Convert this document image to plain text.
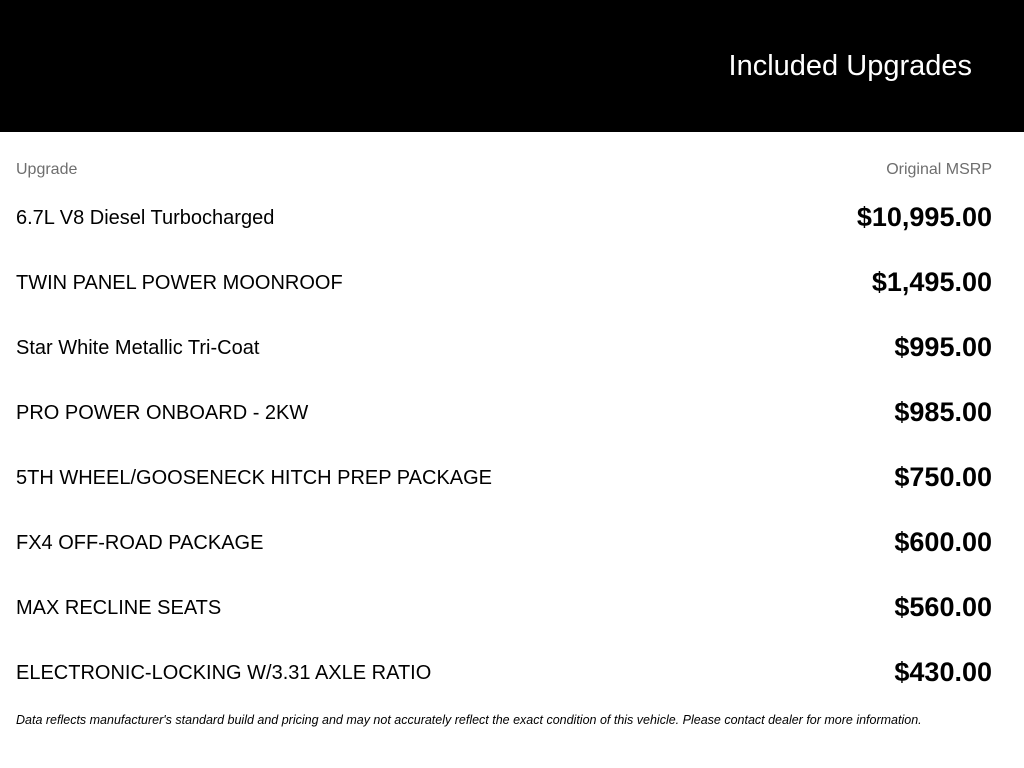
Included Upgrades
Upgrade	Original MSRP
6.7L V8 Diesel Turbocharged	$10,995.00
TWIN PANEL POWER MOONROOF	$1,495.00
Star White Metallic Tri-Coat	$995.00
PRO POWER ONBOARD - 2KW	$985.00
5TH WHEEL/GOOSENECK HITCH PREP PACKAGE	$750.00
FX4 OFF-ROAD PACKAGE	$600.00
MAX RECLINE SEATS	$560.00
ELECTRONIC-LOCKING W/3.31 AXLE RATIO	$430.00
Data reflects manufacturer's standard build and pricing and may not accurately reflect the exact condition of this vehicle. Please contact dealer for more information.
